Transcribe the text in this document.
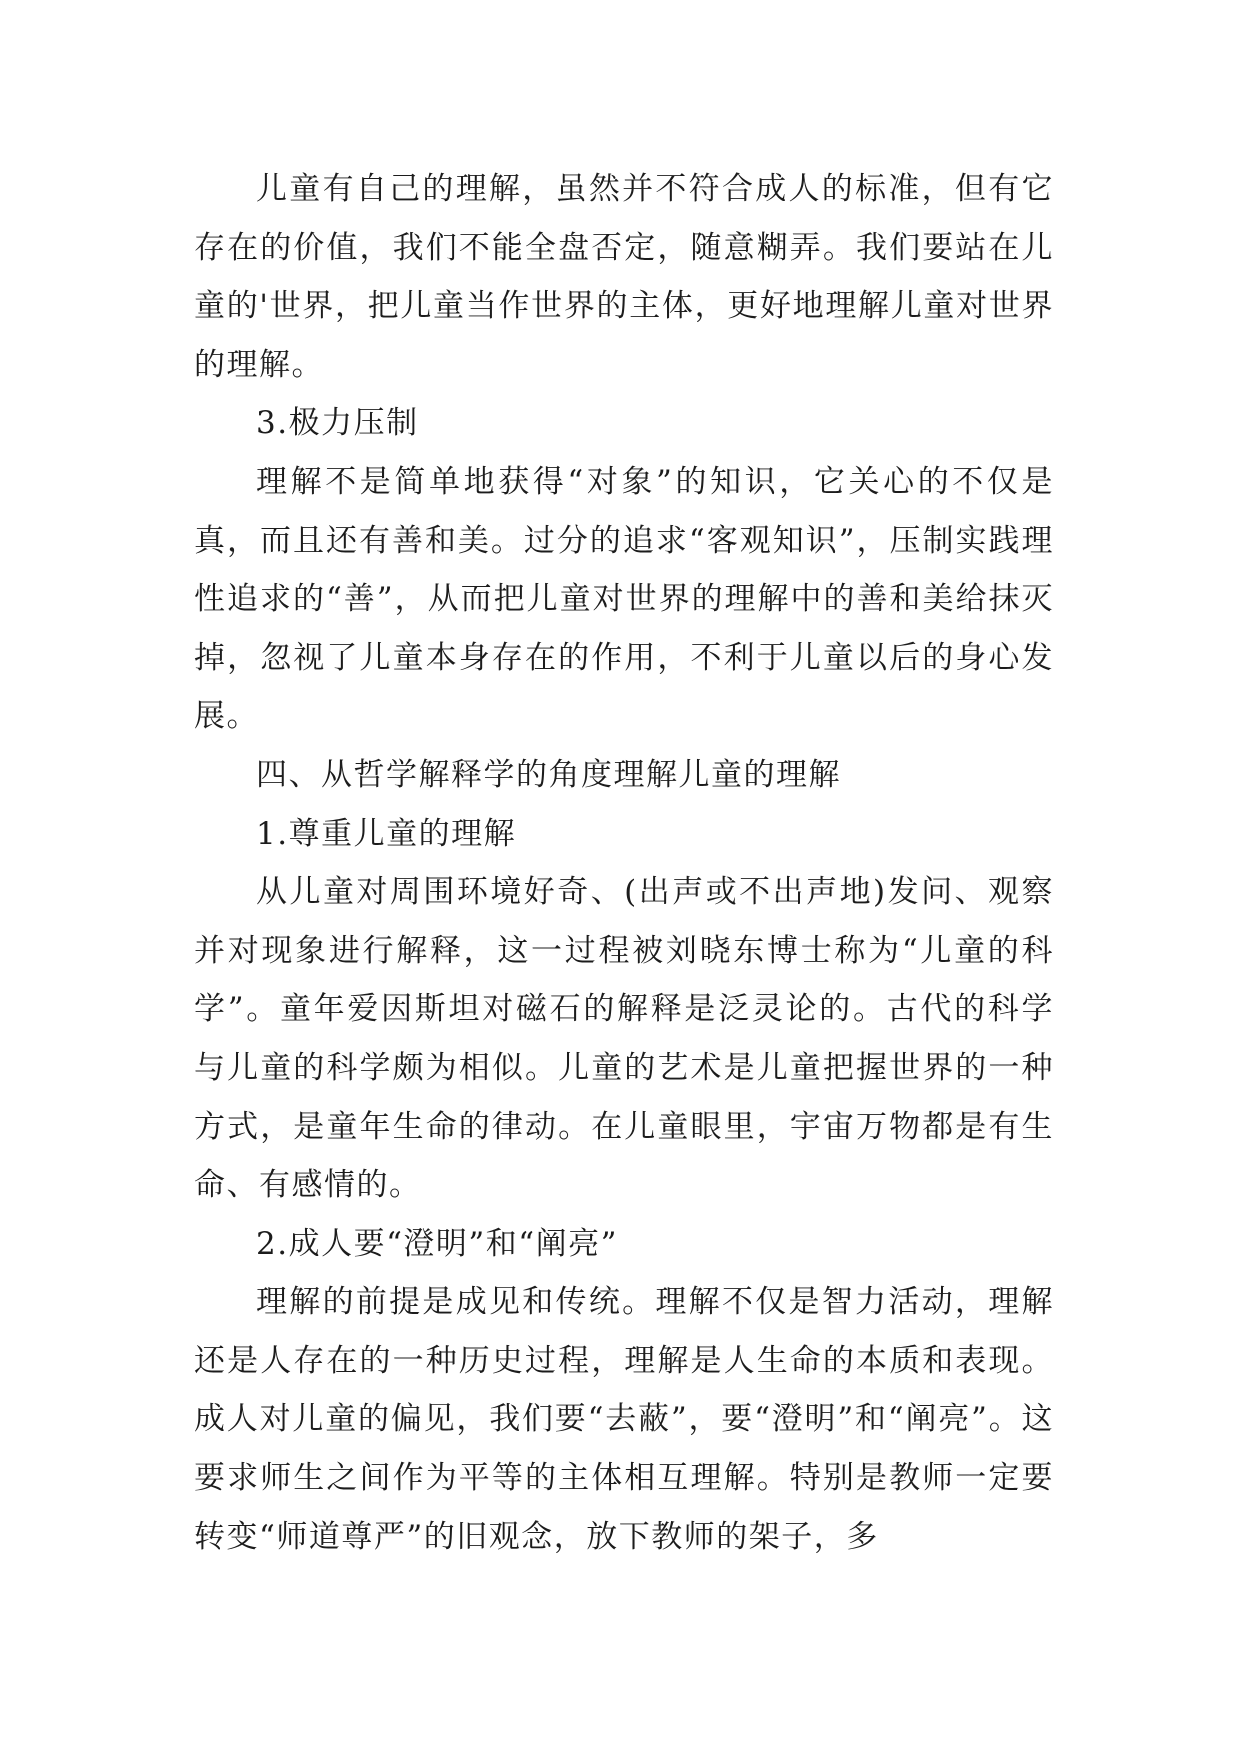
儿童有自己的理解，虽然并不符合成人的标准，但有它存在的价值，我们不能全盘否定，随意糊弄。我们要站在儿童的'世界，把儿童当作世界的主体，更好地理解儿童对世界的理解。

3.极力压制

理解不是简单地获得“对象”的知识，它关心的不仅是真，而且还有善和美。过分的追求“客观知识”，压制实践理性追求的“善”，从而把儿童对世界的理解中的善和美给抹灭掉，忽视了儿童本身存在的作用，不利于儿童以后的身心发展。

四、从哲学解释学的角度理解儿童的理解

1.尊重儿童的理解

从儿童对周围环境好奇、(出声或不出声地)发问、观察并对现象进行解释，这一过程被刘晓东博士称为“儿童的科学”。童年爱因斯坦对磁石的解释是泛灵论的。古代的科学与儿童的科学颇为相似。儿童的艺术是儿童把握世界的一种方式，是童年生命的律动。在儿童眼里，宇宙万物都是有生命、有感情的。

2.成人要“澄明”和“阐亮”

理解的前提是成见和传统。理解不仅是智力活动，理解还是人存在的一种历史过程，理解是人生命的本质和表现。成人对儿童的偏见，我们要“去蔽”，要“澄明”和“阐亮”。这要求师生之间作为平等的主体相互理解。特别是教师一定要转变“师道尊严”的旧观念，放下教师的架子，多
